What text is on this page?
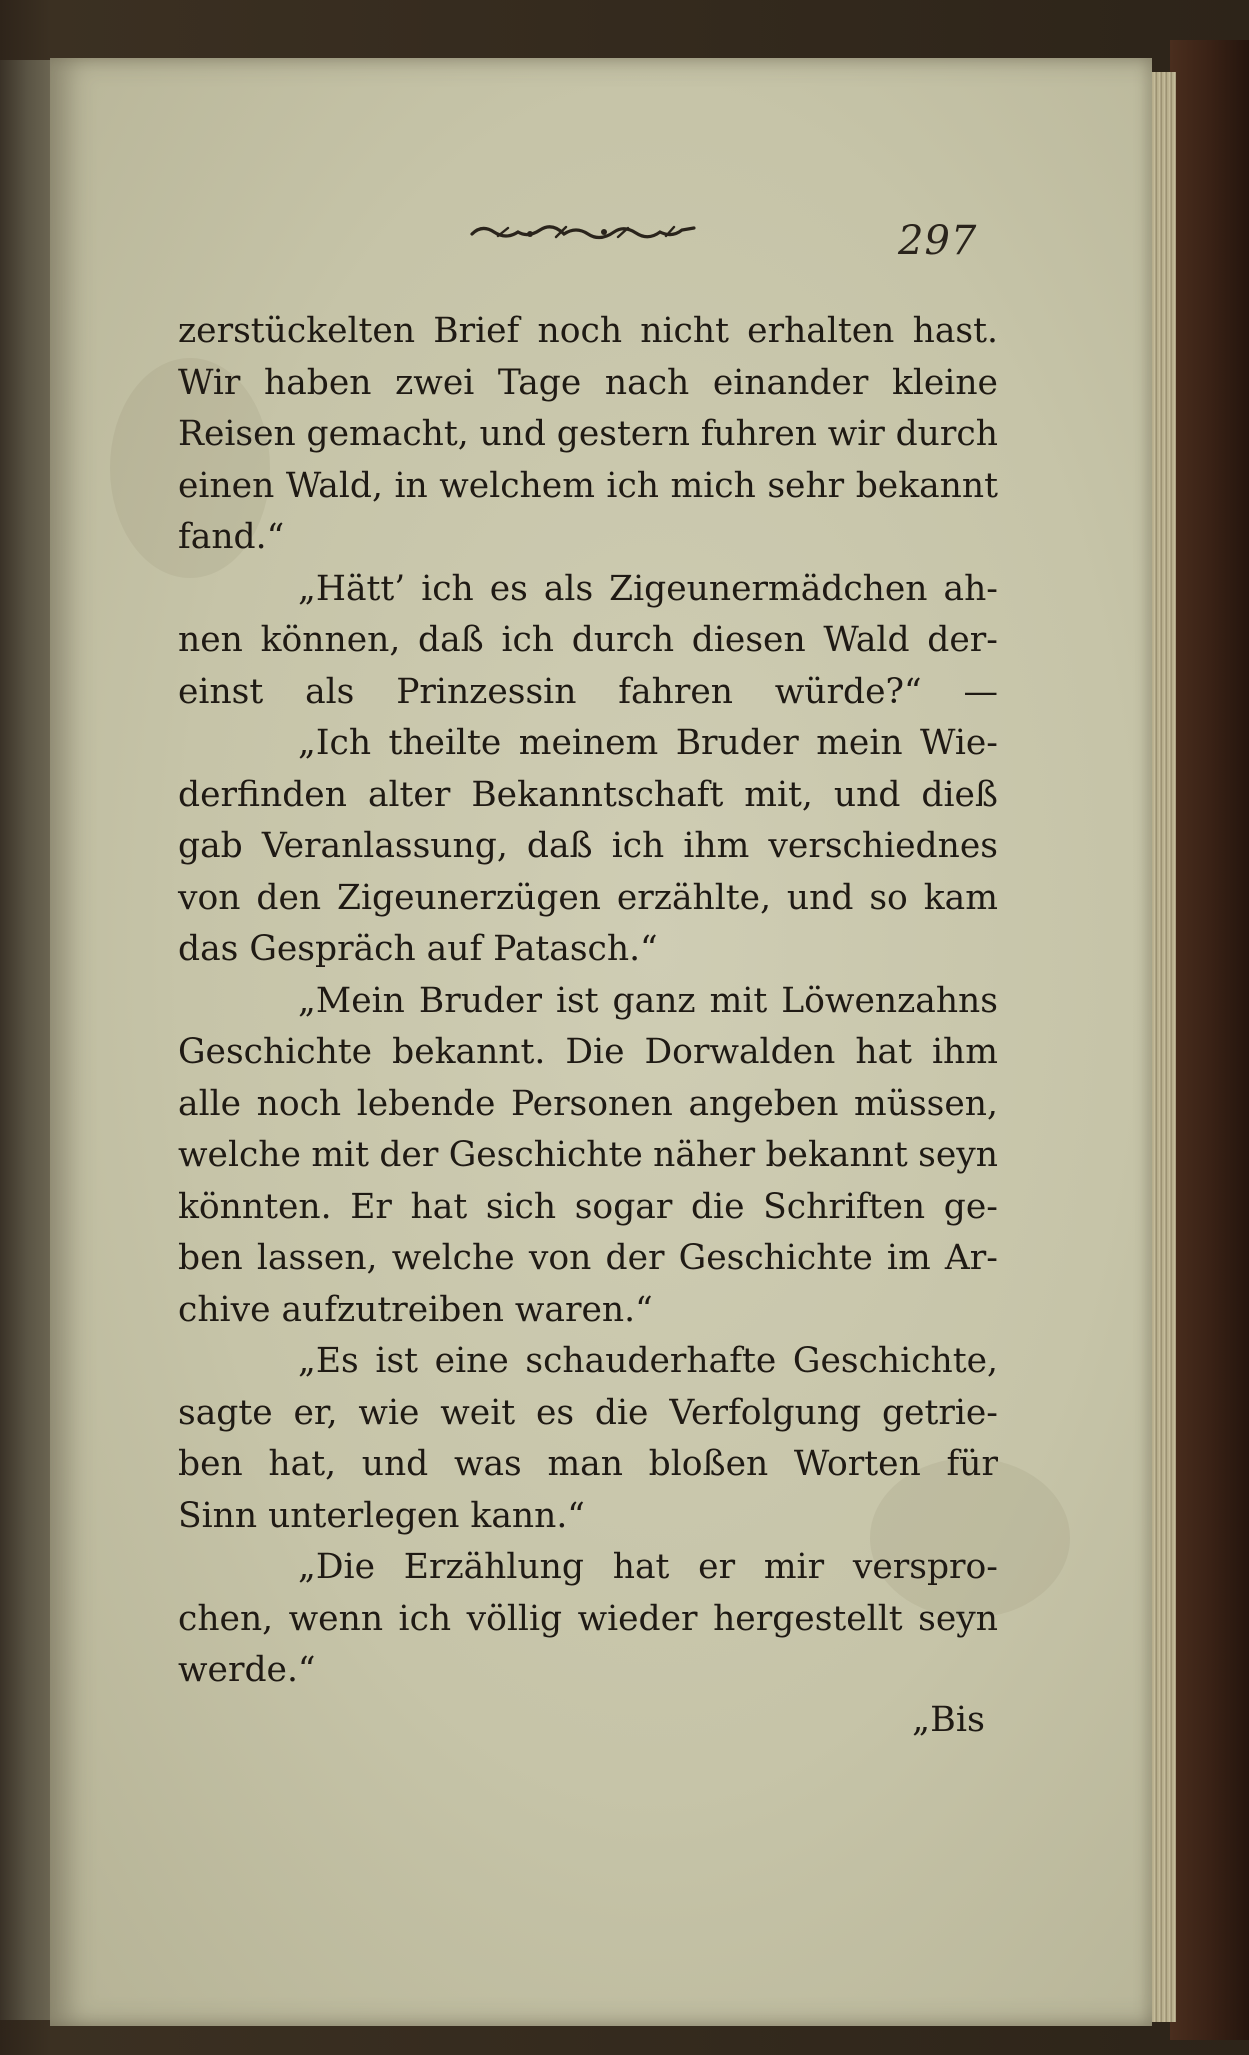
297
zerstückelten Brief noch nicht erhalten hast.
Wir haben zwei Tage nach einander kleine
Reisen gemacht, und gestern fuhren wir durch
einen Wald, in welchem ich mich sehr bekannt
fand.“
„Hätt’ ich es als Zigeunermädchen ah-
nen können, daß ich durch diesen Wald der-
einst als Prinzessin fahren würde?“ —
„Ich theilte meinem Bruder mein Wie-
derfinden alter Bekanntschaft mit, und dieß
gab Veranlassung, daß ich ihm verschiednes
von den Zigeunerzügen erzählte, und so kam
das Gespräch auf Patasch.“
„Mein Bruder ist ganz mit Löwenzahns
Geschichte bekannt. Die Dorwalden hat ihm
alle noch lebende Personen angeben müssen,
welche mit der Geschichte näher bekannt seyn
könnten. Er hat sich sogar die Schriften ge-
ben lassen, welche von der Geschichte im Ar-
chive aufzutreiben waren.“
„Es ist eine schauderhafte Geschichte,
sagte er, wie weit es die Verfolgung getrie-
ben hat, und was man bloßen Worten für
Sinn unterlegen kann.“
„Die Erzählung hat er mir verspro-
chen, wenn ich völlig wieder hergestellt seyn
werde.“
„Bis
